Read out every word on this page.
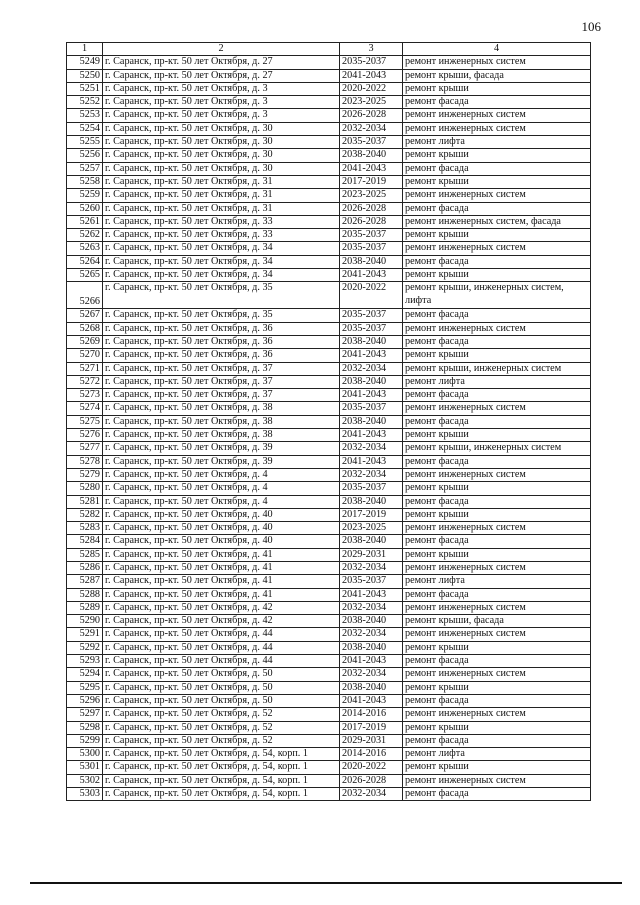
106
1	2	3	4
5249	г. Саранск, пр-кт. 50 лет Октября, д. 27	2035-2037	ремонт инженерных систем
5250	г. Саранск, пр-кт. 50 лет Октября, д. 27	2041-2043	ремонт крыши, фасада
5251	г. Саранск, пр-кт. 50 лет Октября, д. 3	2020-2022	ремонт крыши
5252	г. Саранск, пр-кт. 50 лет Октября, д. 3	2023-2025	ремонт фасада
5253	г. Саранск, пр-кт. 50 лет Октября, д. 3	2026-2028	ремонт инженерных систем
5254	г. Саранск, пр-кт. 50 лет Октября, д. 30	2032-2034	ремонт инженерных систем
5255	г. Саранск, пр-кт. 50 лет Октября, д. 30	2035-2037	ремонт лифта
5256	г. Саранск, пр-кт. 50 лет Октября, д. 30	2038-2040	ремонт крыши
5257	г. Саранск, пр-кт. 50 лет Октября, д. 30	2041-2043	ремонт фасада
5258	г. Саранск, пр-кт. 50 лет Октября, д. 31	2017-2019	ремонт крыши
5259	г. Саранск, пр-кт. 50 лет Октября, д. 31	2023-2025	ремонт инженерных систем
5260	г. Саранск, пр-кт. 50 лет Октября, д. 31	2026-2028	ремонт фасада
5261	г. Саранск, пр-кт. 50 лет Октября, д. 33	2026-2028	ремонт инженерных систем, фасада
5262	г. Саранск, пр-кт. 50 лет Октября, д. 33	2035-2037	ремонт крыши
5263	г. Саранск, пр-кт. 50 лет Октября, д. 34	2035-2037	ремонт инженерных систем
5264	г. Саранск, пр-кт. 50 лет Октября, д. 34	2038-2040	ремонт фасада
5265	г. Саранск, пр-кт. 50 лет Октября, д. 34	2041-2043	ремонт крыши
5266	г. Саранск, пр-кт. 50 лет Октября, д. 35	2020-2022	ремонт крыши, инженерных систем, лифта
5267	г. Саранск, пр-кт. 50 лет Октября, д. 35	2035-2037	ремонт фасада
5268	г. Саранск, пр-кт. 50 лет Октября, д. 36	2035-2037	ремонт инженерных систем
5269	г. Саранск, пр-кт. 50 лет Октября, д. 36	2038-2040	ремонт фасада
5270	г. Саранск, пр-кт. 50 лет Октября, д. 36	2041-2043	ремонт крыши
5271	г. Саранск, пр-кт. 50 лет Октября, д. 37	2032-2034	ремонт крыши, инженерных систем
5272	г. Саранск, пр-кт. 50 лет Октября, д. 37	2038-2040	ремонт лифта
5273	г. Саранск, пр-кт. 50 лет Октября, д. 37	2041-2043	ремонт фасада
5274	г. Саранск, пр-кт. 50 лет Октября, д. 38	2035-2037	ремонт инженерных систем
5275	г. Саранск, пр-кт. 50 лет Октября, д. 38	2038-2040	ремонт фасада
5276	г. Саранск, пр-кт. 50 лет Октября, д. 38	2041-2043	ремонт крыши
5277	г. Саранск, пр-кт. 50 лет Октября, д. 39	2032-2034	ремонт крыши, инженерных систем
5278	г. Саранск, пр-кт. 50 лет Октября, д. 39	2041-2043	ремонт фасада
5279	г. Саранск, пр-кт. 50 лет Октября, д. 4	2032-2034	ремонт инженерных систем
5280	г. Саранск, пр-кт. 50 лет Октября, д. 4	2035-2037	ремонт крыши
5281	г. Саранск, пр-кт. 50 лет Октября, д. 4	2038-2040	ремонт фасада
5282	г. Саранск, пр-кт. 50 лет Октября, д. 40	2017-2019	ремонт крыши
5283	г. Саранск, пр-кт. 50 лет Октября, д. 40	2023-2025	ремонт инженерных систем
5284	г. Саранск, пр-кт. 50 лет Октября, д. 40	2038-2040	ремонт фасада
5285	г. Саранск, пр-кт. 50 лет Октября, д. 41	2029-2031	ремонт крыши
5286	г. Саранск, пр-кт. 50 лет Октября, д. 41	2032-2034	ремонт инженерных систем
5287	г. Саранск, пр-кт. 50 лет Октября, д. 41	2035-2037	ремонт лифта
5288	г. Саранск, пр-кт. 50 лет Октября, д. 41	2041-2043	ремонт фасада
5289	г. Саранск, пр-кт. 50 лет Октября, д. 42	2032-2034	ремонт инженерных систем
5290	г. Саранск, пр-кт. 50 лет Октября, д. 42	2038-2040	ремонт крыши, фасада
5291	г. Саранск, пр-кт. 50 лет Октября, д. 44	2032-2034	ремонт инженерных систем
5292	г. Саранск, пр-кт. 50 лет Октября, д. 44	2038-2040	ремонт крыши
5293	г. Саранск, пр-кт. 50 лет Октября, д. 44	2041-2043	ремонт фасада
5294	г. Саранск, пр-кт. 50 лет Октября, д. 50	2032-2034	ремонт инженерных систем
5295	г. Саранск, пр-кт. 50 лет Октября, д. 50	2038-2040	ремонт крыши
5296	г. Саранск, пр-кт. 50 лет Октября, д. 50	2041-2043	ремонт фасада
5297	г. Саранск, пр-кт. 50 лет Октября, д. 52	2014-2016	ремонт инженерных систем
5298	г. Саранск, пр-кт. 50 лет Октября, д. 52	2017-2019	ремонт крыши
5299	г. Саранск, пр-кт. 50 лет Октября, д. 52	2029-2031	ремонт фасада
5300	г. Саранск, пр-кт. 50 лет Октября, д. 54, корп. 1	2014-2016	ремонт лифта
5301	г. Саранск, пр-кт. 50 лет Октября, д. 54, корп. 1	2020-2022	ремонт крыши
5302	г. Саранск, пр-кт. 50 лет Октября, д. 54, корп. 1	2026-2028	ремонт инженерных систем
5303	г. Саранск, пр-кт. 50 лет Октября, д. 54, корп. 1	2032-2034	ремонт фасада
